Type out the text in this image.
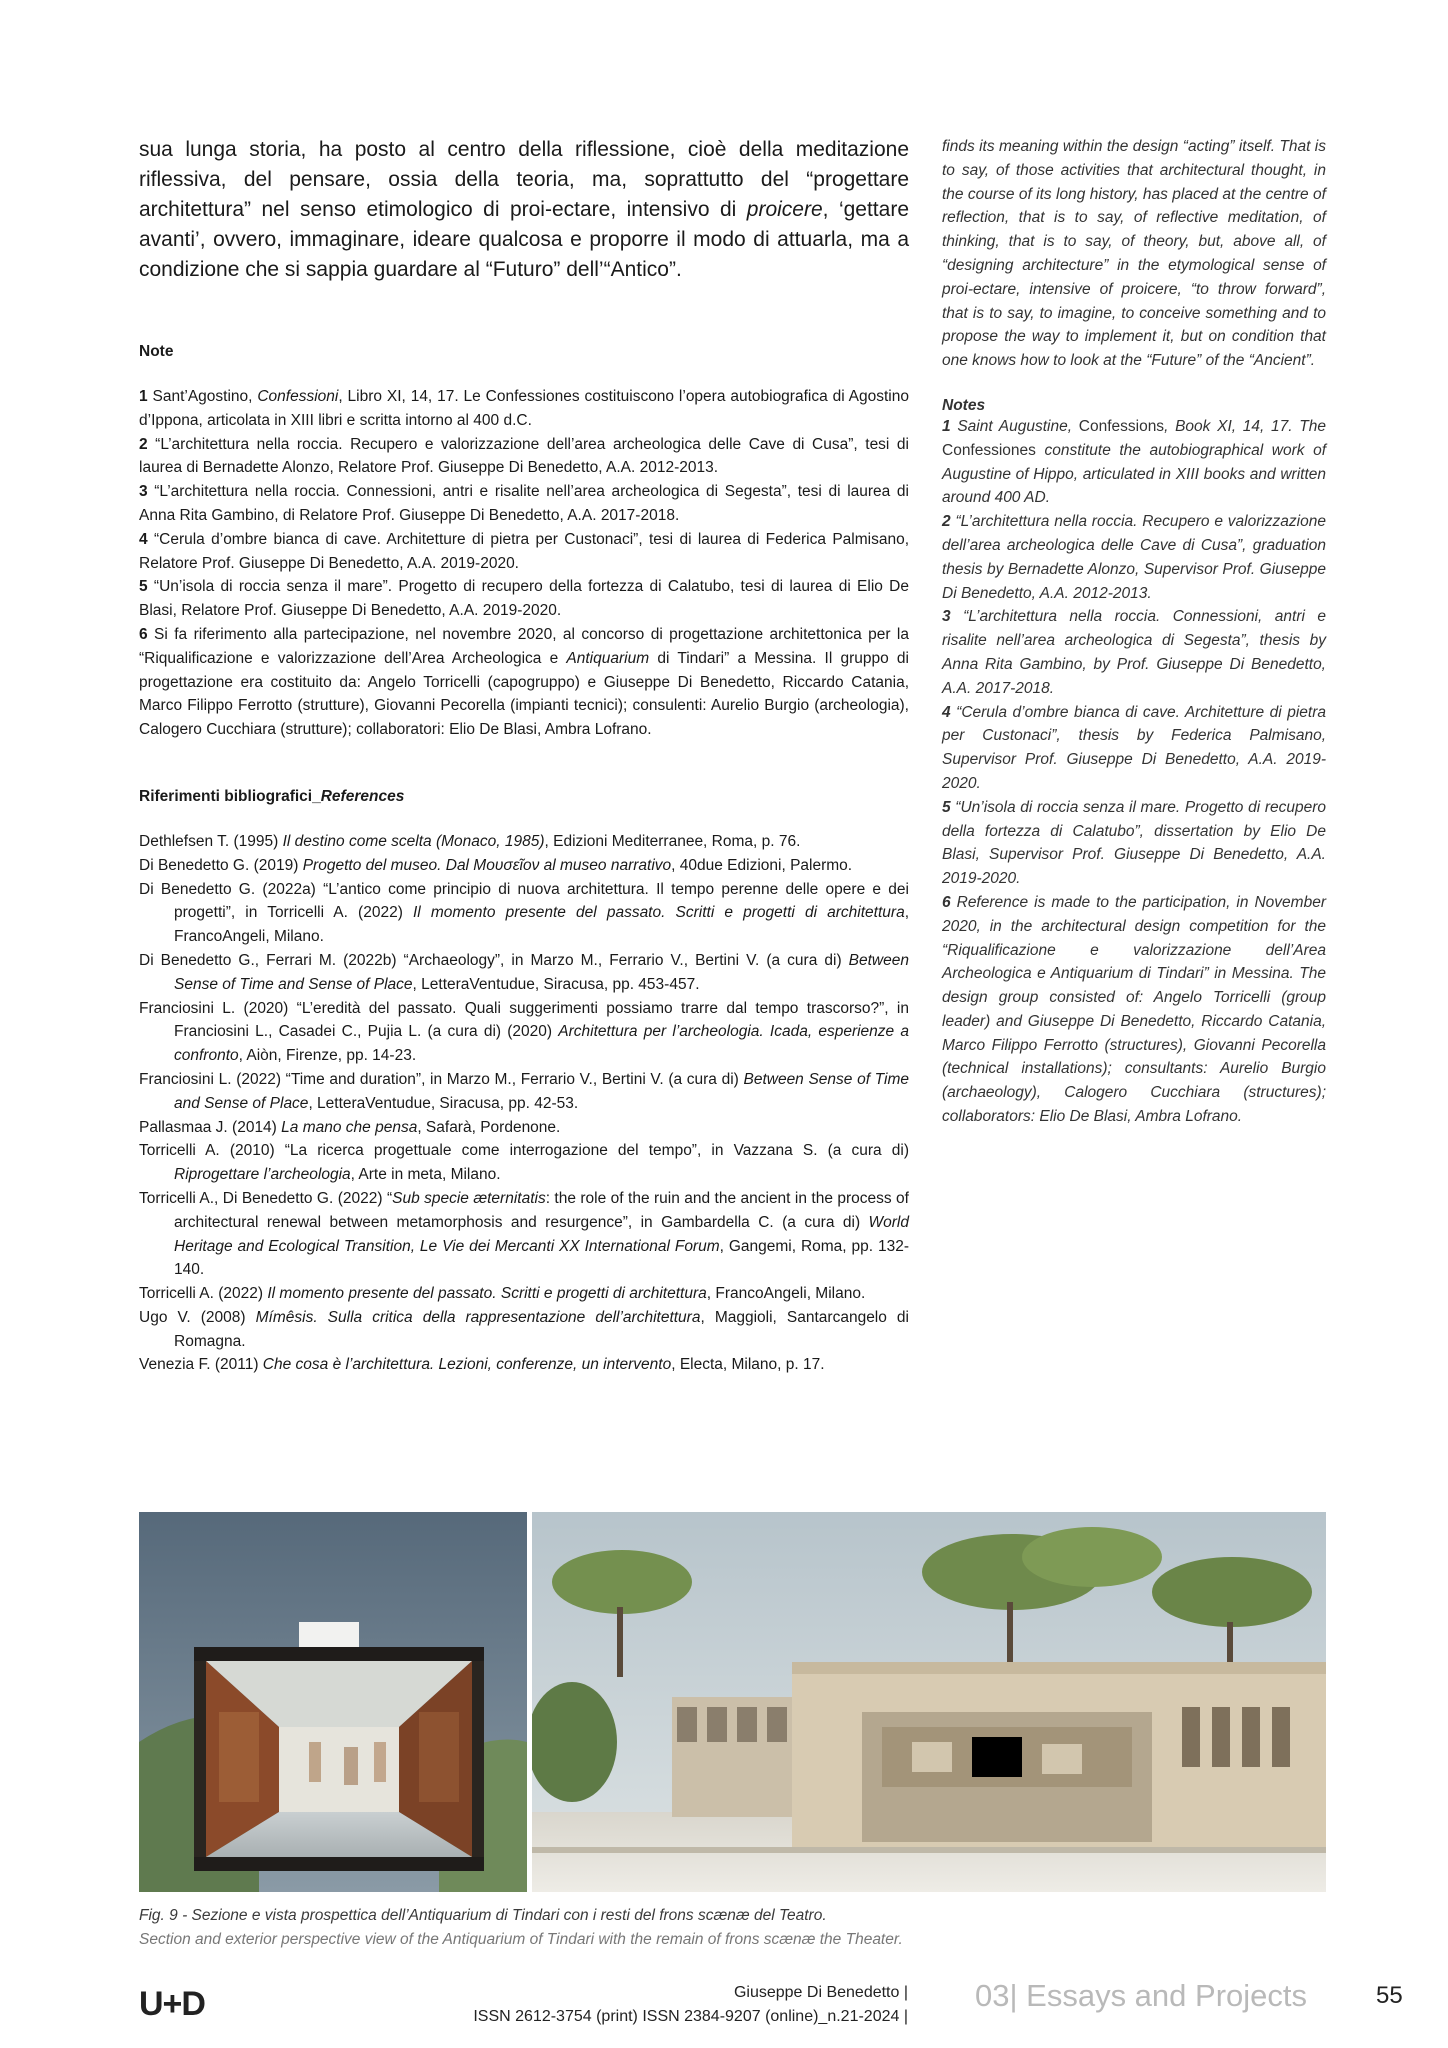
sua lunga storia, ha posto al centro della riflessione, cioè della meditazione riflessiva, del pensare, ossia della teoria, ma, soprattutto del “progettare architettura” nel senso etimologico di proi-ectare, intensivo di proicere, ‘gettare avanti’, ovvero, immaginare, ideare qualcosa e proporre il modo di attuarla, ma a condizione che si sappia guardare al “Futuro” dell’“Antico”.

Note

1 Sant’Agostino, Confessioni, Libro XI, 14, 17. Le Confessiones costituiscono l’opera autobiografica di Agostino d’Ippona, articolata in XIII libri e scritta intorno al 400 d.C.

2 “L’architettura nella roccia. Recupero e valorizzazione dell’area archeologica delle Cave di Cusa”, tesi di laurea di Bernadette Alonzo, Relatore Prof. Giuseppe Di Benedetto, A.A. 2012-2013.

3 “L’architettura nella roccia. Connessioni, antri e risalite nell’area archeologica di Segesta”, tesi di laurea di Anna Rita Gambino, di Relatore Prof. Giuseppe Di Benedetto, A.A. 2017-2018.

4 “Cerula d’ombre bianca di cave. Architetture di pietra per Custonaci”, tesi di laurea di Federica Palmisano, Relatore Prof. Giuseppe Di Benedetto, A.A. 2019-2020.

5 “Un’isola di roccia senza il mare”. Progetto di recupero della fortezza di Calatubo, tesi di laurea di Elio De Blasi, Relatore Prof. Giuseppe Di Benedetto, A.A. 2019-2020.

6 Si fa riferimento alla partecipazione, nel novembre 2020, al concorso di progettazione architettonica per la “Riqualificazione e valorizzazione dell’Area Archeologica e Antiquarium di Tindari” a Messina. Il gruppo di progettazione era costituito da: Angelo Torricelli (capogruppo) e Giuseppe Di Benedetto, Riccardo Catania, Marco Filippo Ferrotto (strutture), Giovanni Pecorella (impianti tecnici); consulenti: Aurelio Burgio (archeologia), Calogero Cucchiara (strutture); collaboratori: Elio De Blasi, Ambra Lofrano.

Riferimenti bibliografici_References

Dethlefsen T. (1995) Il destino come scelta (Monaco, 1985), Edizioni Mediterranee, Roma, p. 76.

Di Benedetto G. (2019) Progetto del museo. Dal Μουσεῖον al museo narrativo, 40due Edizioni, Palermo.

Di Benedetto G. (2022a) “L’antico come principio di nuova architettura. Il tempo perenne delle opere e dei progetti”, in Torricelli A. (2022) Il momento presente del passato. Scritti e progetti di architettura, FrancoAngeli, Milano.

Di Benedetto G., Ferrari M. (2022b) “Archaeology”, in Marzo M., Ferrario V., Bertini V. (a cura di) Between Sense of Time and Sense of Place, LetteraVentudue, Siracusa, pp. 453-457.

Franciosini L. (2020) “L’eredità del passato. Quali suggerimenti possiamo trarre dal tempo trascorso?”, in Franciosini L., Casadei C., Pujia L. (a cura di) (2020) Architettura per l’archeologia. Icada, esperienze a confronto, Aiòn, Firenze, pp. 14-23.

Franciosini L. (2022) “Time and duration”, in Marzo M., Ferrario V., Bertini V. (a cura di) Between Sense of Time and Sense of Place, LetteraVentudue, Siracusa, pp. 42-53.

Pallasmaa J. (2014) La mano che pensa, Safarà, Pordenone.

Torricelli A. (2010) “La ricerca progettuale come interrogazione del tempo”, in Vazzana S. (a cura di) Riprogettare l’archeologia, Arte in meta, Milano.

Torricelli A., Di Benedetto G. (2022) “Sub specie æternitatis: the role of the ruin and the ancient in the process of architectural renewal between metamorphosis and resurgence”, in Gambardella C. (a cura di) World Heritage and Ecological Transition, Le Vie dei Mercanti XX International Forum, Gangemi, Roma, pp. 132-140.

Torricelli A. (2022) Il momento presente del passato. Scritti e progetti di architettura, FrancoAngeli, Milano.

Ugo V. (2008) Mímêsis. Sulla critica della rappresentazione dell’architettura, Maggioli, Santarcangelo di Romagna.

Venezia F. (2011) Che cosa è l’architettura. Lezioni, conferenze, un intervento, Electa, Milano, p. 17.

finds its meaning within the design “acting” itself. That is to say, of those activities that architectural thought, in the course of its long history, has placed at the centre of reflection, that is to say, of reflective meditation, of thinking, that is to say, of theory, but, above all, of “designing architecture” in the etymological sense of proi-ectare, intensive of proicere, “to throw forward”, that is to say, to imagine, to conceive something and to propose the way to implement it, but on condition that one knows how to look at the “Future” of the “Ancient”.

Notes

1 Saint Augustine, Confessions, Book XI, 14, 17. The Confessiones constitute the autobiographical work of Augustine of Hippo, articulated in XIII books and written around 400 AD.

2 “L’architettura nella roccia. Recupero e valorizzazione dell’area archeologica delle Cave di Cusa”, graduation thesis by Bernadette Alonzo, Supervisor Prof. Giuseppe Di Benedetto, A.A. 2012-2013.

3 “L’architettura nella roccia. Connessioni, antri e risalite nell’area archeologica di Segesta”, thesis by Anna Rita Gambino, by Prof. Giuseppe Di Benedetto, A.A. 2017-2018.

4 “Cerula d’ombre bianca di cave. Architetture di pietra per Custonaci”, thesis by Federica Palmisano, Supervisor Prof. Giuseppe Di Benedetto, A.A. 2019-2020.

5 “Un’isola di roccia senza il mare. Progetto di recupero della fortezza di Calatubo”, dissertation by Elio De Blasi, Supervisor Prof. Giuseppe Di Benedetto, A.A. 2019-2020.

6 Reference is made to the participation, in November 2020, in the architectural design competition for the “Riqualificazione e valorizzazione dell’Area Archeologica e Antiquarium di Tindari” in Messina. The design group consisted of: Angelo Torricelli (group leader) and Giuseppe Di Benedetto, Riccardo Catania, Marco Filippo Ferrotto (structures), Giovanni Pecorella (technical installations); consultants: Aurelio Burgio (archaeology), Calogero Cucchiara (structures); collaborators: Elio De Blasi, Ambra Lofrano.

Fig. 9 - Sezione e vista prospettica dell’Antiquarium di Tindari con i resti del frons scænæ del Teatro.
Section and exterior perspective view of the Antiquarium of Tindari with the remain of frons scænæ the Theater.
U+D	Giuseppe Di Benedetto |
ISSN 2612-3754 (print) ISSN 2384-9207 (online)_n.21-2024 |
03| Essays and Projects	55
